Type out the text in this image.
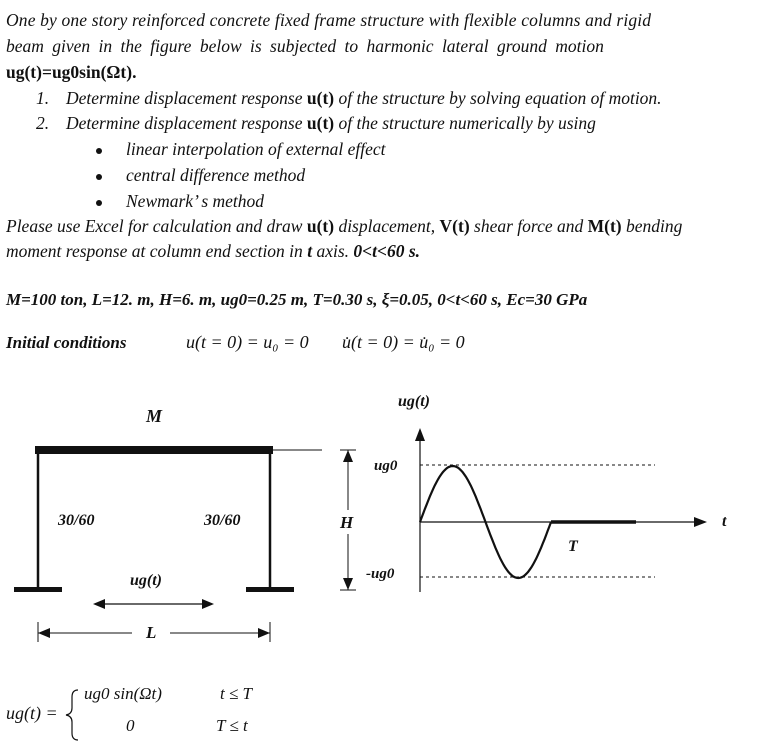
One by one story reinforced concrete fixed frame structure with flexible columns and rigid
beam given in the figure below is subjected to harmonic lateral ground motion
ug(t)=ug0sin(Ωt).
1. Determine displacement response u(t) of the structure by solving equation of motion.
2. Determine displacement response u(t) of the structure numerically by using
linear interpolation of external effect
central difference method
Newmark’ s method
Please use Excel for calculation and draw u(t) displacement, V(t) shear force and M(t) bending
moment response at column end section in t axis. 0<t<60 s.
M=100 ton, L=12. m, H=6. m, ug0=0.25 m, T=0.30 s, ξ=0.05, 0<t<60 s, Ec=30 GPa
Initial conditions	u(t = 0) = u₀ = 0 u̇(t = 0) = u̇₀ = 0
M
30/60	30/60	H
ug(t)
L
ug(t)
ug0
-ug0
t
T
ug(t) =
ug0 sin(Ωt)	t ≤ T
0	T ≤ t
